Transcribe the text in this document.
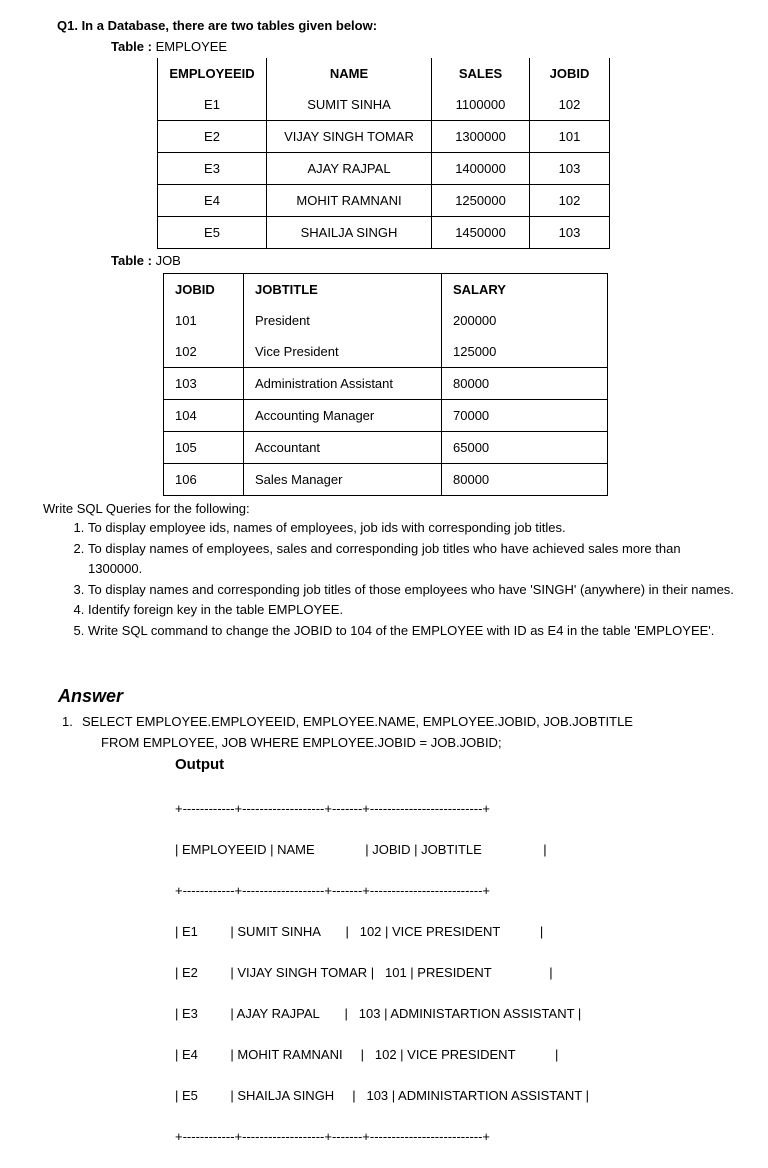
Q1. In a Database, there are two tables given below:
Table : EMPLOYEE
EMPLOYEEID	NAME	SALES	JOBID
E1	SUMIT SINHA	1100000	102
E2	VIJAY SINGH TOMAR	1300000	101
E3	AJAY RAJPAL	1400000	103
E4	MOHIT RAMNANI	1250000	102
E5	SHAILJA SINGH	1450000	103
Table : JOB
JOBID	JOBTITLE	SALARY
101	President	200000
102	Vice President	125000
103	Administration Assistant	80000
104	Accounting Manager	70000
105	Accountant	65000
106	Sales Manager	80000
Write SQL Queries for the following:
1. To display employee ids, names of employees, job ids with corresponding job titles.
2. To display names of employees, sales and corresponding job titles who have achieved sales more than 1300000.
3. To display names and corresponding job titles of those employees who have 'SINGH' (anywhere) in their names.
4. Identify foreign key in the table EMPLOYEE.
5. Write SQL command to change the JOBID to 104 of the EMPLOYEE with ID as E4 in the table 'EMPLOYEE'.
Answer
1. SELECT EMPLOYEE.EMPLOYEEID, EMPLOYEE.NAME, EMPLOYEE.JOBID, JOB.JOBTITLE
FROM EMPLOYEE, JOB WHERE EMPLOYEE.JOBID = JOB.JOBID;
Output

+------------+-------------------+-------+--------------------------+

| EMPLOYEEID | NAME              | JOBID | JOBTITLE                 |

+------------+-------------------+-------+--------------------------+

| E1         | SUMIT SINHA       |   102 | VICE PRESIDENT           |

| E2         | VIJAY SINGH TOMAR |   101 | PRESIDENT                |

| E3         | AJAY RAJPAL       |   103 | ADMINISTARTION ASSISTANT |

| E4         | MOHIT RAMNANI     |   102 | VICE PRESIDENT           |

| E5         | SHAILJA SINGH     |   103 | ADMINISTARTION ASSISTANT |

+------------+-------------------+-------+--------------------------+
